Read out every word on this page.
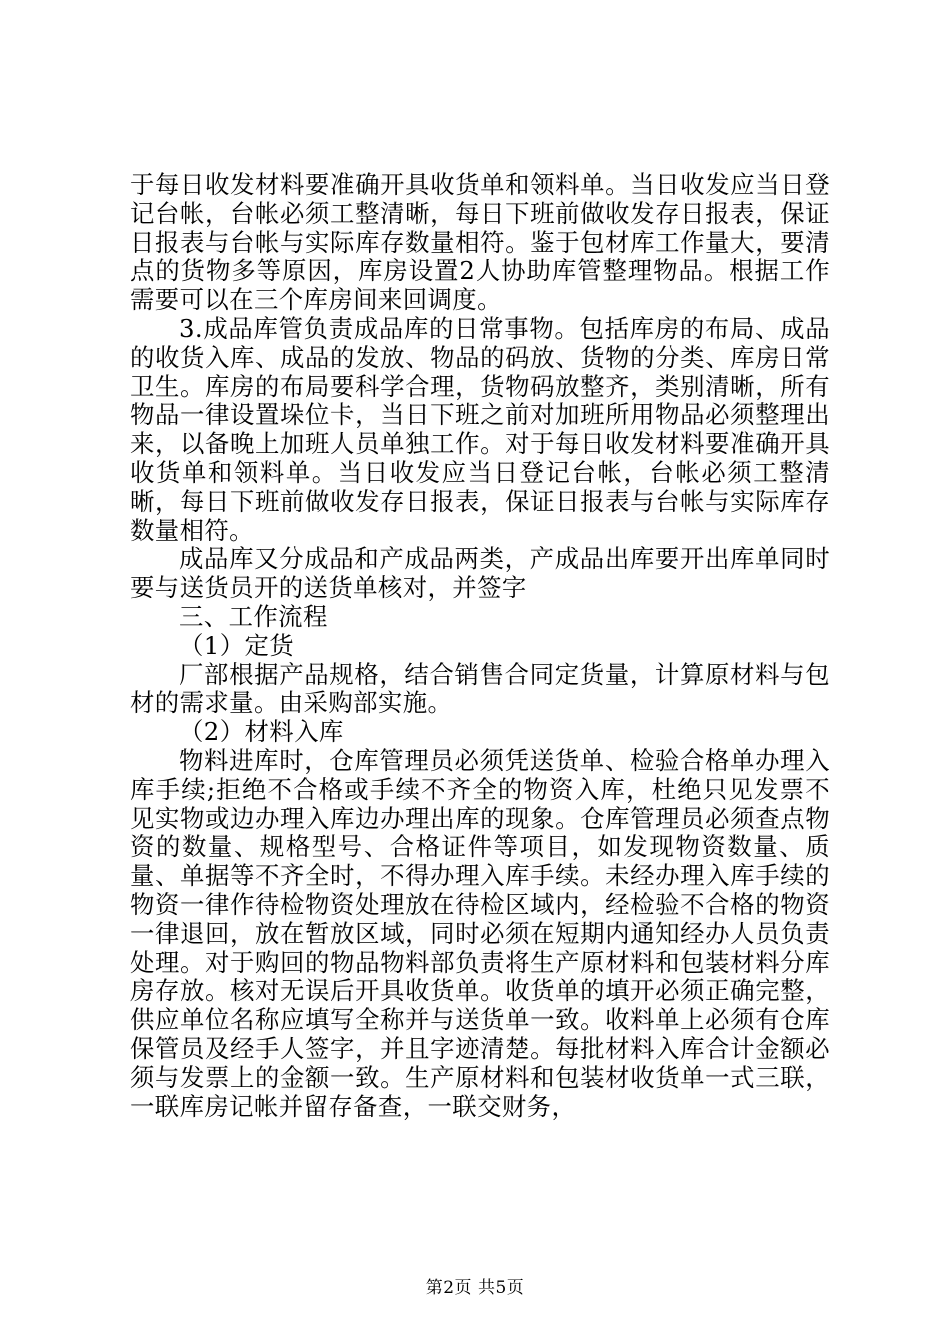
于每日收发材料要准确开具收货单和领料单。当日收发应当日登记台帐，台帐必须工整清晰，每日下班前做收发存日报表，保证日报表与台帐与实际库存数量相符。鉴于包材库工作量大，要清点的货物多等原因，库房设置2人协助库管整理物品。根据工作需要可以在三个库房间来回调度。

3.成品库管负责成品库的日常事物。包括库房的布局、成品的收货入库、成品的发放、物品的码放、货物的分类、库房日常卫生。库房的布局要科学合理，货物码放整齐，类别清晰，所有物品一律设置垛位卡，当日下班之前对加班所用物品必须整理出来，以备晚上加班人员单独工作。对于每日收发材料要准确开具收货单和领料单。当日收发应当日登记台帐，台帐必须工整清晰，每日下班前做收发存日报表，保证日报表与台帐与实际库存数量相符。

成品库又分成品和产成品两类，产成品出库要开出库单同时要与送货员开的送货单核对，并签字

三、工作流程

（1）定货

厂部根据产品规格，结合销售合同定货量，计算原材料与包材的需求量。由采购部实施。

（2）材料入库

物料进库时，仓库管理员必须凭送货单、检验合格单办理入库手续;拒绝不合格或手续不齐全的物资入库，杜绝只见发票不见实物或边办理入库边办理出库的现象。仓库管理员必须查点物资的数量、规格型号、合格证件等项目，如发现物资数量、质量、单据等不齐全时，不得办理入库手续。未经办理入库手续的物资一律作待检物资处理放在待检区域内，经检验不合格的物资一律退回，放在暂放区域，同时必须在短期内通知经办人员负责处理。对于购回的物品物料部负责将生产原材料和包装材料分库房存放。核对无误后开具收货单。收货单的填开必须正确完整，供应单位名称应填写全称并与送货单一致。收料单上必须有仓库保管员及经手人签字，并且字迹清楚。每批材料入库合计金额必须与发票上的金额一致。生产原材料和包装材收货单一式三联，一联库房记帐并留存备查，一联交财务，

第2页 共5页
